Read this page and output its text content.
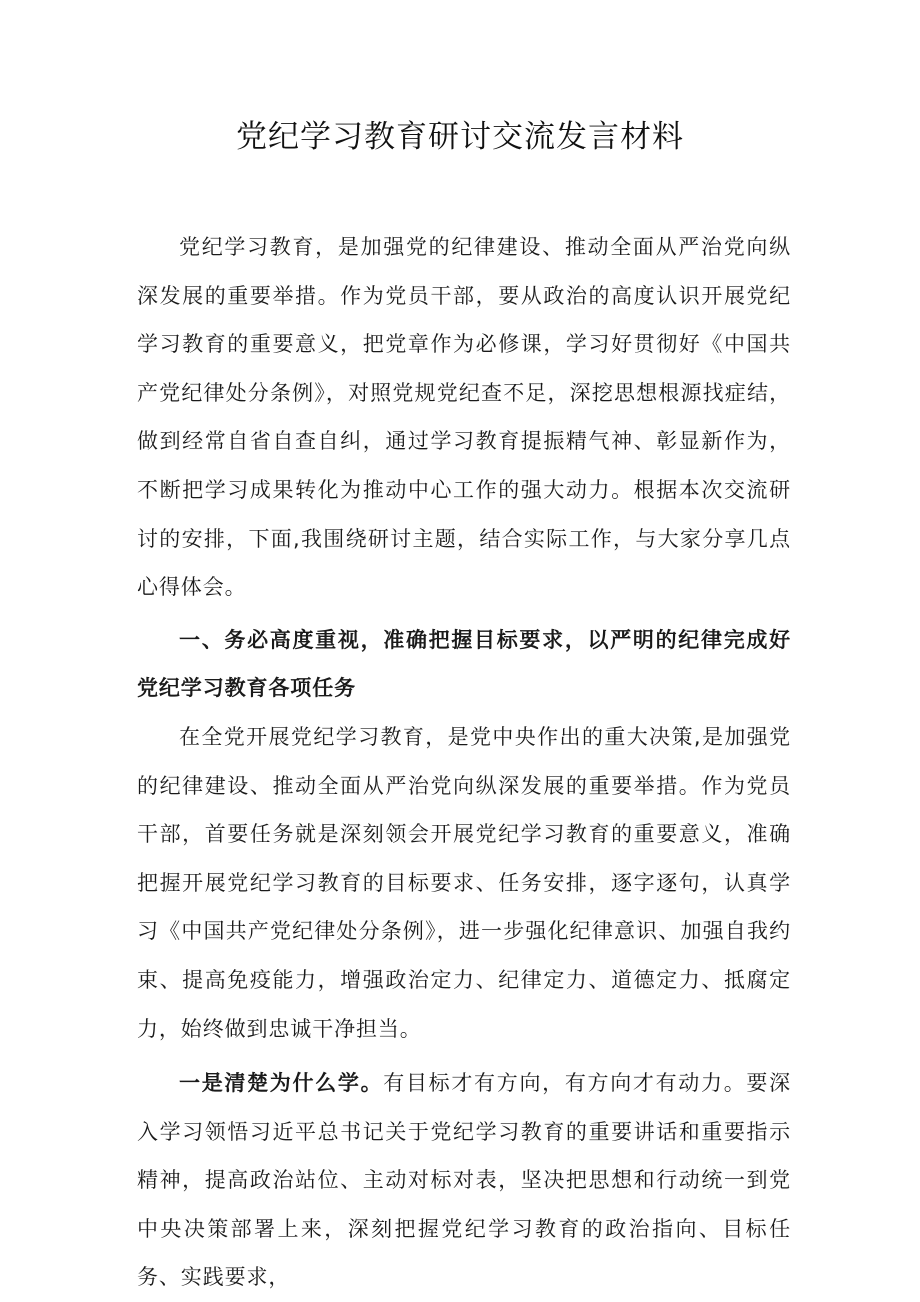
党纪学习教育研讨交流发言材料

党纪学习教育，是加强党的纪律建设、推动全面从严治党向纵深发展的重要举措。作为党员干部，要从政治的高度认识开展党纪学习教育的重要意义，把党章作为必修课，学习好贯彻好《中国共产党纪律处分条例》，对照党规党纪查不足，深挖思想根源找症结，做到经常自省自查自纠，通过学习教育提振精气神、彰显新作为，不断把学习成果转化为推动中心工作的强大动力。根据本次交流研讨的安排，下面,我围绕研讨主题，结合实际工作，与大家分享几点心得体会。

一、务必高度重视，准确把握目标要求，以严明的纪律完成好党纪学习教育各项任务

在全党开展党纪学习教育，是党中央作出的重大决策,是加强党的纪律建设、推动全面从严治党向纵深发展的重要举措。作为党员干部，首要任务就是深刻领会开展党纪学习教育的重要意义，准确把握开展党纪学习教育的目标要求、任务安排，逐字逐句，认真学习《中国共产党纪律处分条例》，进一步强化纪律意识、加强自我约束、提高免疫能力，增强政治定力、纪律定力、道德定力、抵腐定力，始终做到忠诚干净担当。

一是清楚为什么学。有目标才有方向，有方向才有动力。要深入学习领悟习近平总书记关于党纪学习教育的重要讲话和重要指示精神，提高政治站位、主动对标对表，坚决把思想和行动统一到党中央决策部署上来，深刻把握党纪学习教育的政治指向、目标任务、实践要求，
